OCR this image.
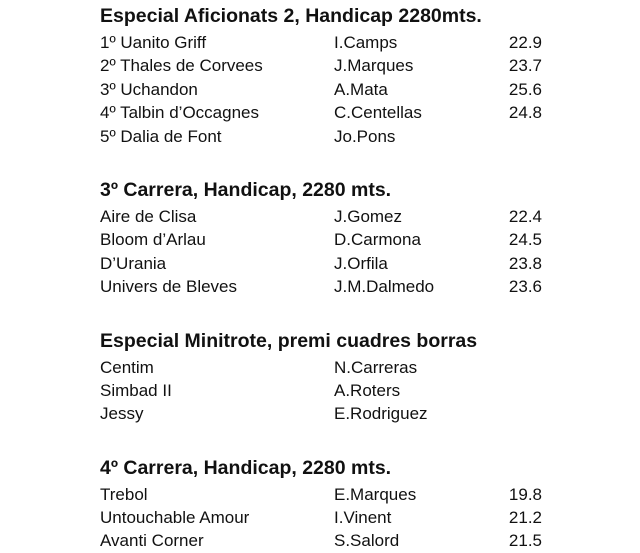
Especial Aficionats 2, Handicap 2280mts.
1º Uanito Griff	I.Camps	22.9
2º Thales de Corvees	J.Marques	23.7
3º Uchandon	A.Mata	25.6
4º Talbin d’Occagnes	C.Centellas	24.8
5º Dalia de Font	Jo.Pons
3º Carrera, Handicap, 2280 mts.
Aire de Clisa	J.Gomez	22.4
Bloom d’Arlau	D.Carmona	24.5
D’Urania	J.Orfila	23.8
Univers de Bleves	J.M.Dalmedo	23.6
Especial Minitrote, premi cuadres borras
Centim	N.Carreras
Simbad II	A.Roters
Jessy	E.Rodriguez
4º Carrera, Handicap, 2280 mts.
Trebol	E.Marques	19.8
Untouchable Amour	I.Vinent	21.2
Avanti Corner	S.Salord	21.5
